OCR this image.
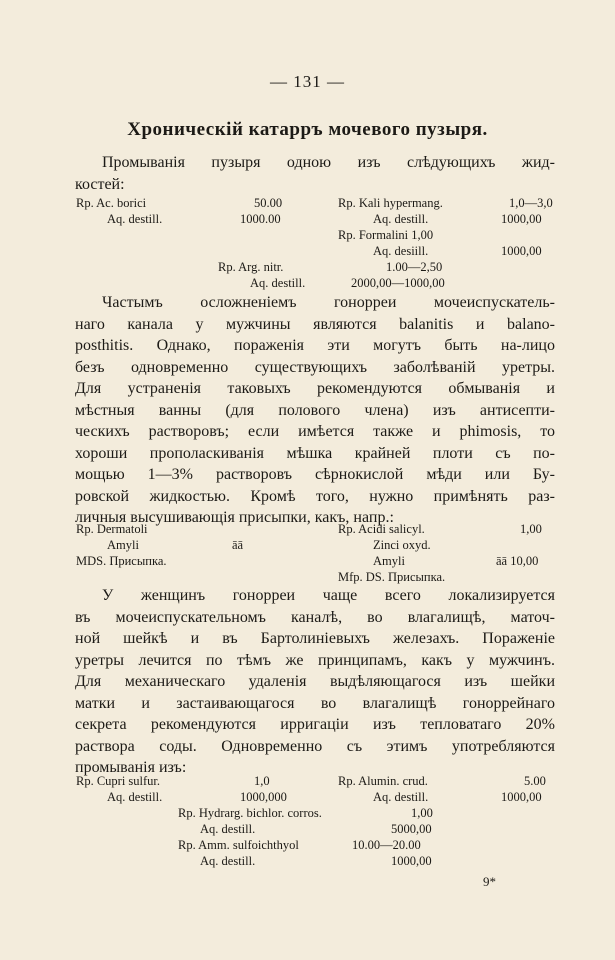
— 131 —
Хроническій катарръ мочевого пузыря.
Промыванія пузыря одною изъ слѣдующихъ жид-
костей:
Rp. Ac. boricі	50.00	Rp. Kali hypermang.	1,0—3,0
Aq. destill.	1000.00	Aq. destill.	1000,00
Rp. Formalini 1,00
Aq. desiill.	1000,00
Rp. Arg. nitr.	1.00—2,50
Aq. destill.	2000,00—1000,00
Частымъ осложненіемъ гонорреи мочеиспускатель-
наго канала у мужчины являются balanitis и balano-
posthitis. Однако, пораженія эти могутъ быть на-лицо
безъ одновременно существующихъ заболѣваній уретры.
Для устраненія таковыхъ рекомендуются обмыванія и
мѣстныя ванны (для полового члена) изъ антисепти-
ческихъ растворовъ; если имѣется также и phimosis, то
хороши прополаскиванія мѣшка крайней плоти съ по-
мощью 1—3% растворовъ сѣрнокислой мѣди или Бу-
ровской жидкостью. Кромѣ того, нужно примѣнять раз-
личныя высушивающія присыпки, какъ, напр.:
Rp. Dermatoli	Rp. Acidi salicyl.	1,00
Amyli	āā	Zinci oxyd.
MDS. Присыпка.	Amyli	āā 10,00
Mfp. DS. Присыпка.
У женщинъ гонорреи чаще всего локализируется
въ мочеиспускательномъ каналѣ, во влагалищѣ, маточ-
ной шейкѣ и въ Бартолиніевыхъ железахъ. Пораженіе
уретры лечится по тѣмъ же принципамъ, какъ у мужчинъ.
Для механическаго удаленія выдѣляющагося изъ шейки
матки и застаивающагося во влагалищѣ гоноррейнаго
секрета рекомендуются ирригаціи изъ тепловатаго 20%
раствора соды. Одновременно съ этимъ употребляются
промыванія изъ:
Rp. Cupri sulfur.	1,0	Rp. Alumin. crud.	5.00
Aq. destill.	1000,000	Aq. destill.	1000,00
Rp. Hydrarg. bichlor. corros.	1,00
Aq. destill.	5000,00
Rp. Amm. sulfoichthyol	10.00—20.00
Aq. destill.	1000,00
9*
